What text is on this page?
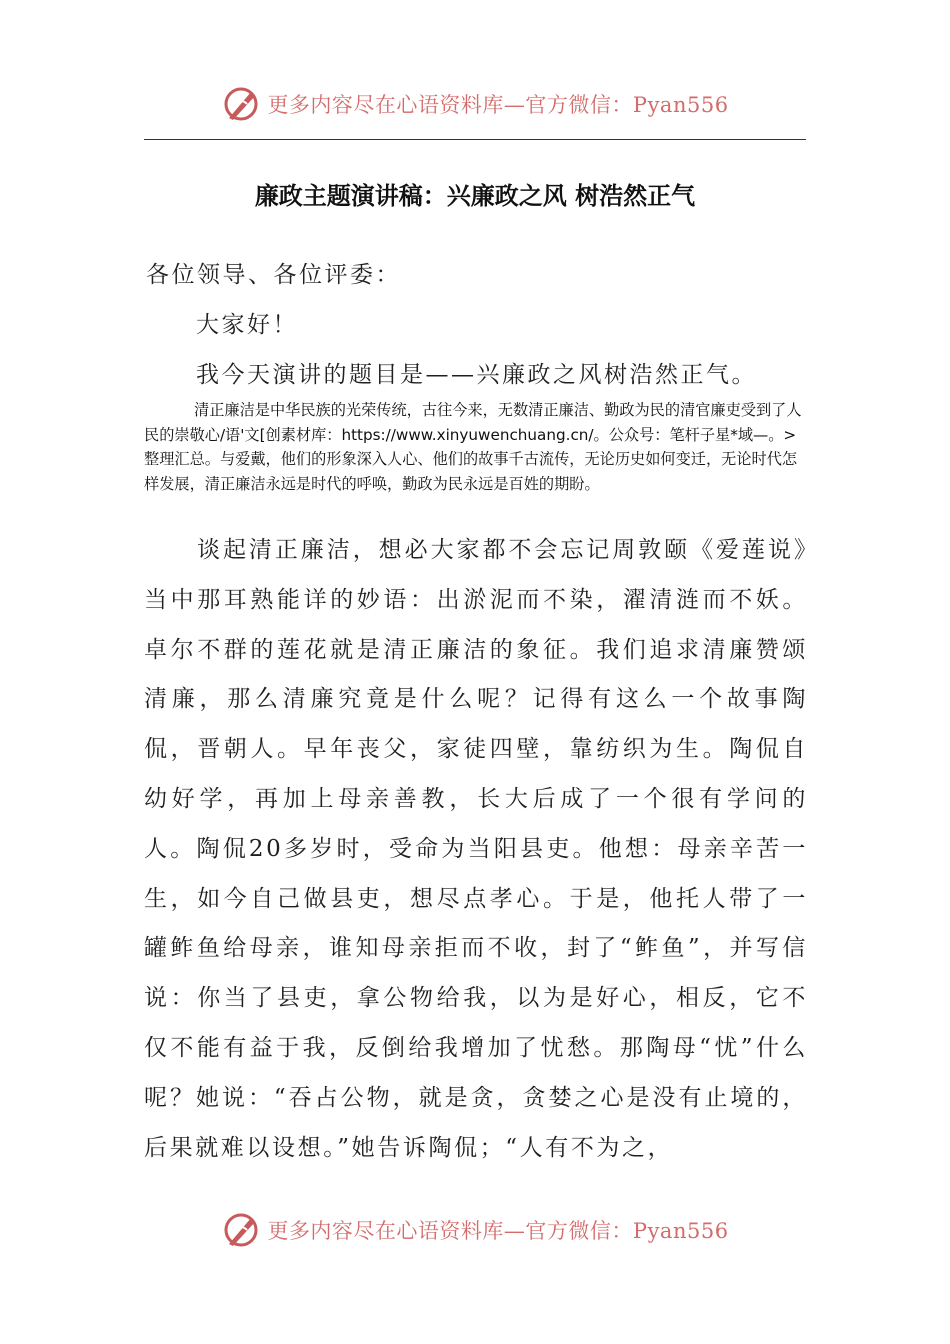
更多内容尽在心语资料库—官方微信：Pyan556
廉政主题演讲稿：兴廉政之风 树浩然正气
各位领导、各位评委：
大家好！
我今天演讲的题目是——兴廉政之风树浩然正气。

清正廉洁是中华民族的光荣传统，古往今来，无数清正廉洁、勤政为民的清官廉吏受到了人民的崇敬心/语'文[创素材库：https://www.xinyuwenchuang.cn/。公众号：笔杆子星*域—。>整理汇总。与爱戴，他们的形象深入人心、他们的故事千古流传，无论历史如何变迁，无论时代怎样发展，清正廉洁永远是时代的呼唤，勤政为民永远是百姓的期盼。

谈起清正廉洁，想必大家都不会忘记周敦颐《爱莲说》当中那耳熟能详的妙语：出淤泥而不染，濯清涟而不妖。卓尔不群的莲花就是清正廉洁的象征。我们追求清廉赞颂清廉，那么清廉究竟是什么呢？记得有这么一个故事陶侃，晋朝人。早年丧父，家徒四壁，靠纺织为生。陶侃自幼好学，再加上母亲善教，长大后成了一个很有学问的人。陶侃20多岁时，受命为当阳县吏。他想：母亲辛苦一生，如今自己做县吏，想尽点孝心。于是，他托人带了一罐鲊鱼给母亲，谁知母亲拒而不收，封了“鲊鱼”，并写信说：你当了县吏，拿公物给我，以为是好心，相反，它不仅不能有益于我，反倒给我增加了忧愁。那陶母“忧”什么呢？她说：“吞占公物，就是贪，贪婪之心是没有止境的，后果就难以设想。”她告诉陶侃；“人有不为之，

更多内容尽在心语资料库—官方微信：Pyan556
